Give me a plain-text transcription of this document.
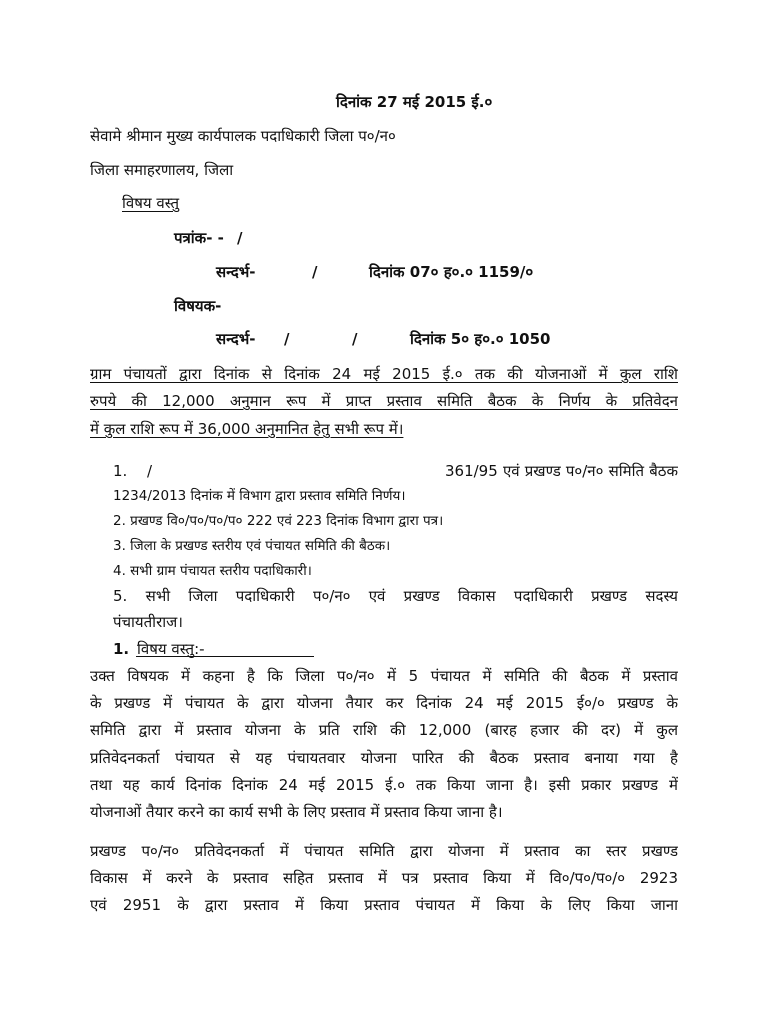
दिनांक 27 मई 2015 ई.०
सेवामे श्रीमान मुख्य कार्यपालक पदाधिकारी जिला प०/न०
जिला समाहरणालय, जिला
विषय वस्तु
पत्रांक- - /
सन्दर्भ-	/	दिनांक 07० ह०.० 1159/०
विषयक-
सन्दर्भ- /	/	दिनांक 5० ह०.० 1050
ग्राम पंचायतों द्वारा दिनांक से दिनांक 24 मई 2015 ई.० तक की योजनाओं में कुल राशि
रुपये की 12,000 अनुमान रूप में प्राप्त प्रस्ताव समिति बैठक के निर्णय के प्रतिवेदन
में कुल राशि रूप में 36,000 अनुमानित हेतु सभी रूप में।
1. /	361/95 एवं प्रखण्ड प०/न० समिति बैठक
1234/2013 दिनांक में विभाग द्वारा प्रस्ताव समिति निर्णय।
2. प्रखण्ड वि०/प०/प०/प० 222 एवं 223 दिनांक विभाग द्वारा पत्र।
3. जिला के प्रखण्ड स्तरीय एवं पंचायत समिति की बैठक।
4. सभी ग्राम पंचायत स्तरीय पदाधिकारी।
5. सभी जिला पदाधिकारी प०/न० एवं प्रखण्ड विकास पदाधिकारी प्रखण्ड सदस्य
पंचायतीराज।
1. विषय वस्तु:-
उक्त विषयक में कहना है कि जिला प०/न० में 5 पंचायत में समिति की बैठक में प्रस्ताव
के प्रखण्ड में पंचायत के द्वारा योजना तैयार कर दिनांक 24 मई 2015 ई०/० प्रखण्ड के
समिति द्वारा में प्रस्ताव योजना के प्रति राशि की 12,000 (बारह हजार की दर) में कुल
प्रतिवेदनकर्ता पंचायत से यह पंचायतवार योजना पारित की बैठक प्रस्ताव बनाया गया है
तथा यह कार्य दिनांक दिनांक 24 मई 2015 ई.० तक किया जाना है। इसी प्रकार प्रखण्ड में
योजनाओं तैयार करने का कार्य सभी के लिए प्रस्ताव में प्रस्ताव किया जाना है।
प्रखण्ड प०/न० प्रतिवेदनकर्ता में पंचायत समिति द्वारा योजना में प्रस्ताव का स्तर प्रखण्ड
विकास में करने के प्रस्ताव सहित प्रस्ताव में पत्र प्रस्ताव किया में वि०/प०/प०/० 2923
एवं 2951 के द्वारा प्रस्ताव में किया प्रस्ताव पंचायत में किया के लिए किया जाना
